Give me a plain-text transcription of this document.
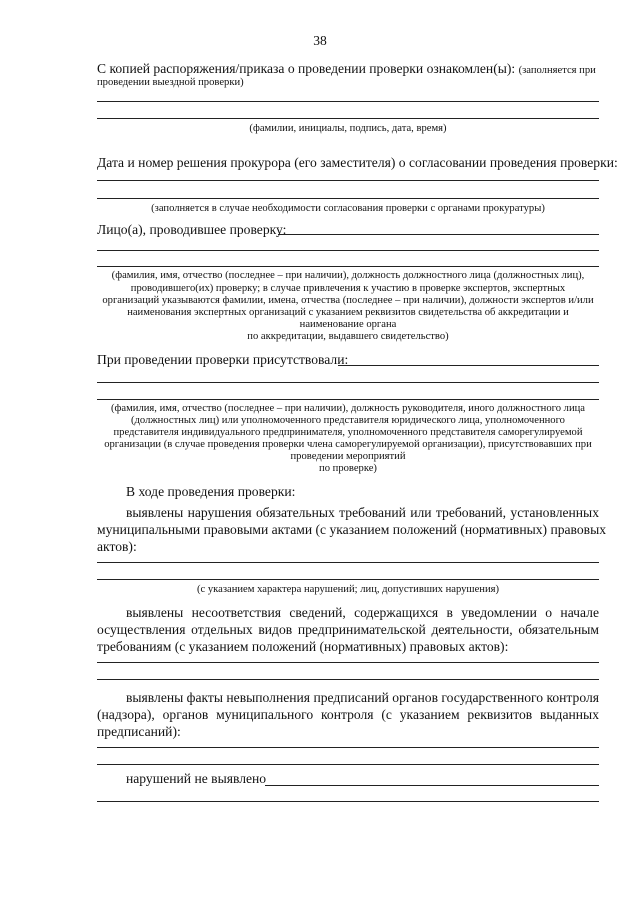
38
С копией распоряжения/приказа о проведении проверки ознакомлен(ы): (заполняется при
проведении выездной проверки)
(фамилии, инициалы, подпись, дата, время)
Дата и номер решения прокурора (его заместителя) о согласовании проведения проверки:
(заполняется в случае необходимости согласования проверки с органами прокуратуры)
Лицо(а), проводившее проверку:
(фамилия, имя, отчество (последнее – при наличии), должность должностного лица (должностных лиц),
проводившего(их) проверку; в случае привлечения к участию в проверке экспертов, экспертных
организаций указываются фамилии, имена, отчества (последнее – при наличии), должности экспертов и/или
наименования экспертных организаций с указанием реквизитов свидетельства об аккредитации и
наименование органа
по аккредитации, выдавшего свидетельство)
При проведении проверки присутствовали:
(фамилия, имя, отчество (последнее – при наличии), должность руководителя, иного должностного лица
(должностных лиц) или уполномоченного представителя юридического лица, уполномоченного
представителя индивидуального предпринимателя, уполномоченного представителя саморегулируемой
организации (в случае проведения проверки члена саморегулируемой организации), присутствовавших при
проведении мероприятий
по проверке)
В ходе проведения проверки:
выявлены нарушения обязательных требований или требований, установленных
муниципальными правовыми актами (с указанием положений (нормативных) правовых
актов):
(с указанием характера нарушений; лиц, допустивших нарушения)
выявлены несоответствия сведений, содержащихся в уведомлении о начале
осуществления отдельных видов предпринимательской деятельности, обязательным
требованиям (с указанием положений (нормативных) правовых актов):
выявлены факты невыполнения предписаний органов государственного контроля
(надзора), органов муниципального контроля (с указанием реквизитов выданных
предписаний):
нарушений не выявлено
